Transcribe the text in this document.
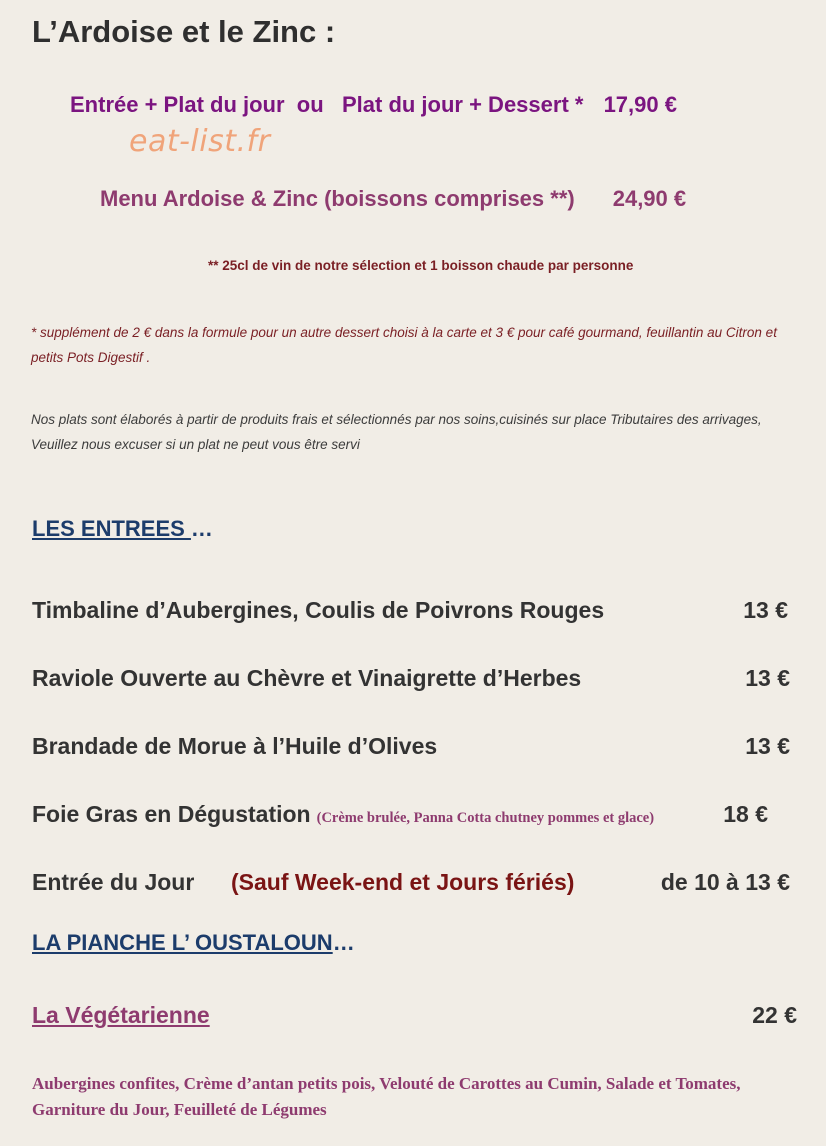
L’Ardoise et le Zinc :
Entrée + Plat du jour  ou   Plat du jour + Dessert * 17,90 €
eat-list.fr
Menu Ardoise & Zinc (boissons comprises **) 24,90 €
** 25cl de vin de notre sélection et 1 boisson chaude par personne
* supplément de 2 € dans la formule pour un autre dessert choisi à la carte et 3 € pour café gourmand, feuillantin au Citron et petits Pots Digestif .
Nos plats sont élaborés à partir de produits frais et sélectionnés par nos soins,cuisinés sur place Tributaires des arrivages, Veuillez nous excuser si un plat ne peut vous être servi
LES ENTREES …
Timbaline d’Aubergines, Coulis de Poivrons Rouges	13 €
Raviole Ouverte au Chèvre et Vinaigrette d’Herbes	13 €
Brandade de Morue à l’Huile d’Olives	13 €
Foie Gras en Dégustation (Crème brulée, Panna Cotta chutney pommes et glace)	18 €
Entrée du Jour (Sauf Week-end et Jours fériés)	de 10 à 13 €
LA PIANCHE L’ OUSTALOUN…
La Végétarienne	22 €
Aubergines confites, Crème d’antan petits pois, Velouté de Carottes au Cumin, Salade et Tomates, Garniture du Jour, Feuilleté de Légumes
